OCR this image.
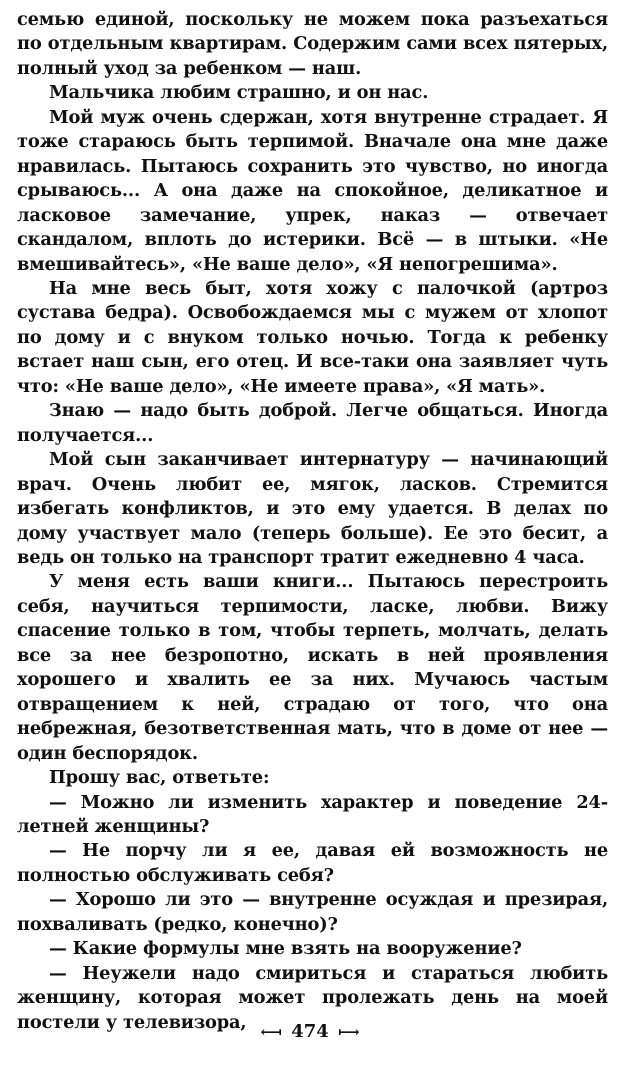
семью единой, поскольку не можем пока разъехаться по отдельным квартирам. Содержим сами всех пятерых, полный уход за ребенком — наш.

Мальчика любим страшно, и он нас.

Мой муж очень сдержан, хотя внутренне страдает. Я тоже стараюсь быть терпимой. Вначале она мне даже нравилась. Пытаюсь сохранить это чувство, но иногда срываюсь... А она даже на спокойное, деликатное и ласковое замечание, упрек, наказ — отвечает скандалом, вплоть до истерики. Всё — в штыки. «Не вмешивайтесь», «Не ваше дело», «Я непогрешима».

На мне весь быт, хотя хожу с палочкой (артроз сустава бедра). Освобождаемся мы с мужем от хлопот по дому и с внуком только ночью. Тогда к ребенку встает наш сын, его отец. И все-таки она заявляет чуть что: «Не ваше дело», «Не имеете права», «Я мать».

Знаю — надо быть доброй. Легче общаться. Иногда получается...

Мой сын заканчивает интернатуру — начинающий врач. Очень любит ее, мягок, ласков. Стремится избегать конфликтов, и это ему удается. В делах по дому участвует мало (теперь больше). Ее это бесит, а ведь он только на транспорт тратит ежедневно 4 часа.

У меня есть ваши книги... Пытаюсь перестроить себя, научиться терпимости, ласке, любви. Вижу спасение только в том, чтобы терпеть, молчать, делать все за нее безропотно, искать в ней проявления хорошего и хвалить ее за них. Мучаюсь частым отвращением к ней, страдаю от того, что она небрежная, безответственная мать, что в доме от нее — один беспорядок.

Прошу вас, ответьте:

— Можно ли изменить характер и поведение 24-летней женщины?

— Не порчу ли я ее, давая ей возможность не полностью обслуживать себя?

— Хорошо ли это — внутренне осуждая и презирая, похваливать (редко, конечно)?

— Какие формулы мне взять на вооружение?

— Неужели надо смириться и стараться любить женщину, которая может пролежать день на моей постели у телевизора, ⟻ 474 ⟼
